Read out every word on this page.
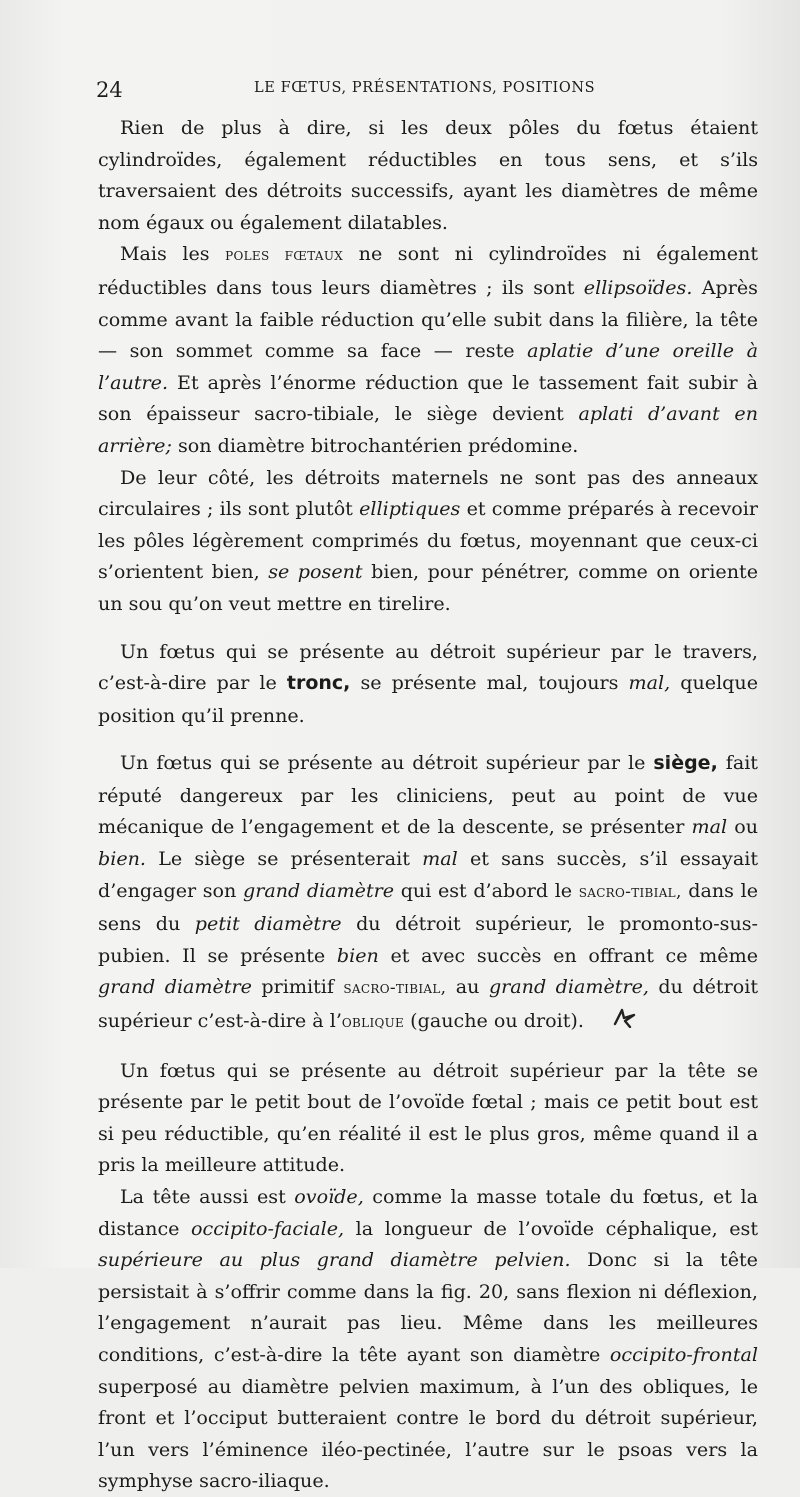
24	LE FŒTUS, PRÉSENTATIONS, POSITIONS

Rien de plus à dire, si les deux pôles du fœtus étaient cylindroïdes, également réductibles en tous sens, et s’ils traversaient des détroits successifs, ayant les diamètres de même nom égaux ou également dilatables.

Mais les poles fœtaux ne sont ni cylindroïdes ni également réductibles dans tous leurs diamètres ; ils sont ellipsoïdes. Après comme avant la faible réduction qu’elle subit dans la filière, la tête — son sommet comme sa face — reste aplatie d’une oreille à l’autre. Et après l’énorme réduction que le tassement fait subir à son épaisseur sacro-tibiale, le siège devient aplati d’avant en arrière; son diamètre bitrochantérien prédomine.

De leur côté, les détroits maternels ne sont pas des anneaux circulaires ; ils sont plutôt elliptiques et comme préparés à recevoir les pôles légèrement comprimés du fœtus, moyennant que ceux-ci s’orientent bien, se posent bien, pour pénétrer, comme on oriente un sou qu’on veut mettre en tirelire.

Un fœtus qui se présente au détroit supérieur par le travers, c’est-à-dire par le tronc, se présente mal, toujours mal, quelque position qu’il prenne.

Un fœtus qui se présente au détroit supérieur par le siège, fait réputé dangereux par les cliniciens, peut au point de vue mécanique de l’engagement et de la descente, se présenter mal ou bien. Le siège se présenterait mal et sans succès, s’il essayait d’engager son grand diamètre qui est d’abord le sacro-tibial, dans le sens du petit diamètre du détroit supérieur, le promonto-sus-pubien. Il se présente bien et avec succès en offrant ce même grand diamètre primitif sacro-tibial, au grand diamètre, du détroit supérieur c’est-à-dire à l’oblique (gauche ou droit).

Un fœtus qui se présente au détroit supérieur par la tête se présente par le petit bout de l’ovoïde fœtal ; mais ce petit bout est si peu réductible, qu’en réalité il est le plus gros, même quand il a pris la meilleure attitude.

La tête aussi est ovoïde, comme la masse totale du fœtus, et la distance occipito-faciale, la longueur de l’ovoïde céphalique, est supérieure au plus grand diamètre pelvien. Donc si la tête persistait à s’offrir comme dans la fig. 20, sans flexion ni déflexion, l’engagement n’aurait pas lieu. Même dans les meilleures conditions, c’est-à-dire la tête ayant son diamètre occipito-frontal superposé au diamètre pelvien maximum, à l’un des obliques, le front et l’occiput butteraient contre le bord du détroit supérieur, l’un vers l’éminence iléo-pectinée, l’autre sur le psoas vers la symphyse sacro-iliaque.
